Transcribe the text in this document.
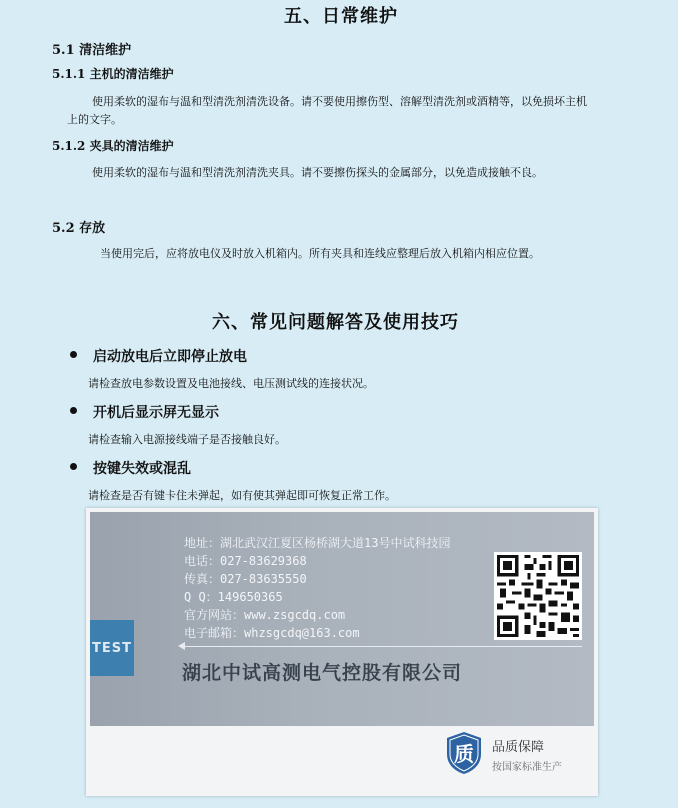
五、日常维护
5.1 清洁维护
5.1.1 主机的清洁维护
使用柔软的湿布与温和型清洗剂清洗设备。请不要使用擦伤型、溶解型清洗剂或酒精等，以免损坏主机
上的文字。
5.1.2 夹具的清洁维护
使用柔软的湿布与温和型清洗剂清洗夹具。请不要擦伤探头的金属部分，以免造成接触不良。
5.2 存放
当使用完后，应将放电仪及时放入机箱内。所有夹具和连线应整理后放入机箱内相应位置。
六、常见问题解答及使用技巧
启动放电后立即停止放电
请检查放电参数设置及电池接线、电压测试线的连接状况。
开机后显示屏无显示
请检查输入电源接线端子是否接触良好。
按键失效或混乱
请检查是否有键卡住未弹起，如有使其弹起即可恢复正常工作。
地址：湖北武汉江夏区杨桥湖大道13号中试科技园
电话：027-83629368
传真：027-83635550
Q Q：149650365
官方网站：www.zsgcdq.com
电子邮箱：whzsgcdq@163.com
TEST
湖北中试高测电气控股有限公司
质 品质保障
按国家标准生产
